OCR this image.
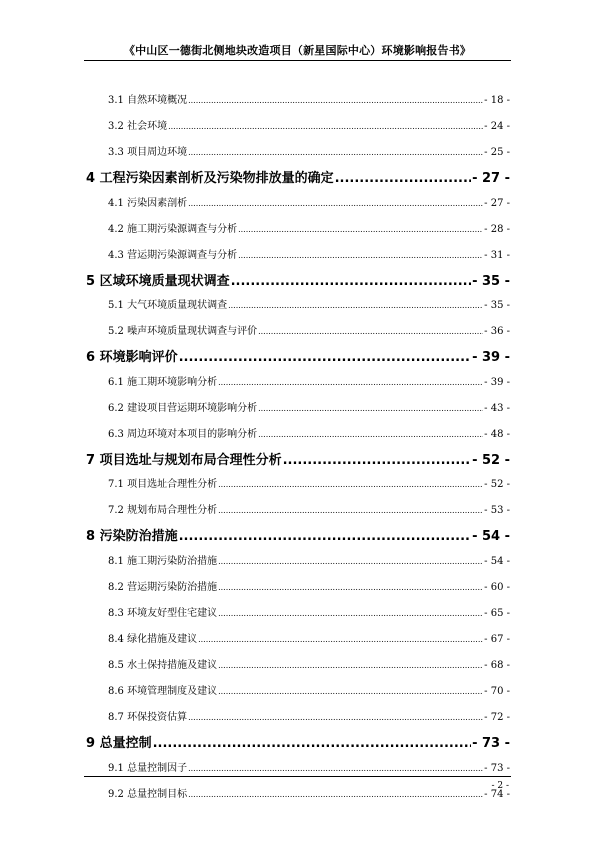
《中山区一德街北侧地块改造项目（新星国际中心）环境影响报告书》
3.1 自然环境概况 .....	- 18 -
3.2 社会环境 .....	- 24 -
3.3 项目周边环境 .....	- 25 -
4 工程污染因素剖析及污染物排放量的确定 .....	- 27 -
4.1 污染因素剖析 .....	- 27 -
4.2 施工期污染源调查与分析 .....	- 28 -
4.3 营运期污染源调查与分析 .....	- 31 -
5 区域环境质量现状调查 .....	- 35 -
5.1 大气环境质量现状调查 .....	- 35 -
5.2 噪声环境质量现状调查与评价 .....	- 36 -
6 环境影响评价 .....	- 39 -
6.1 施工期环境影响分析 .....	- 39 -
6.2 建设项目营运期环境影响分析 .....	- 43 -
6.3 周边环境对本项目的影响分析 .....	- 48 -
7 项目选址与规划布局合理性分析 .....	- 52 -
7.1 项目选址合理性分析 .....	- 52 -
7.2 规划布局合理性分析 .....	- 53 -
8 污染防治措施 .....	- 54 -
8.1 施工期污染防治措施 .....	- 54 -
8.2 营运期污染防治措施 .....	- 60 -
8.3 环境友好型住宅建议 .....	- 65 -
8.4 绿化措施及建议 .....	- 67 -
8.5 水土保持措施及建议 .....	- 68 -
8.6 环境管理制度及建议 .....	- 70 -
8.7 环保投资估算 .....	- 72 -
9 总量控制 .....	- 73 -
9.1 总量控制因子 .....	- 73 -
9.2 总量控制目标 .....	- 74 -
- 2 -
